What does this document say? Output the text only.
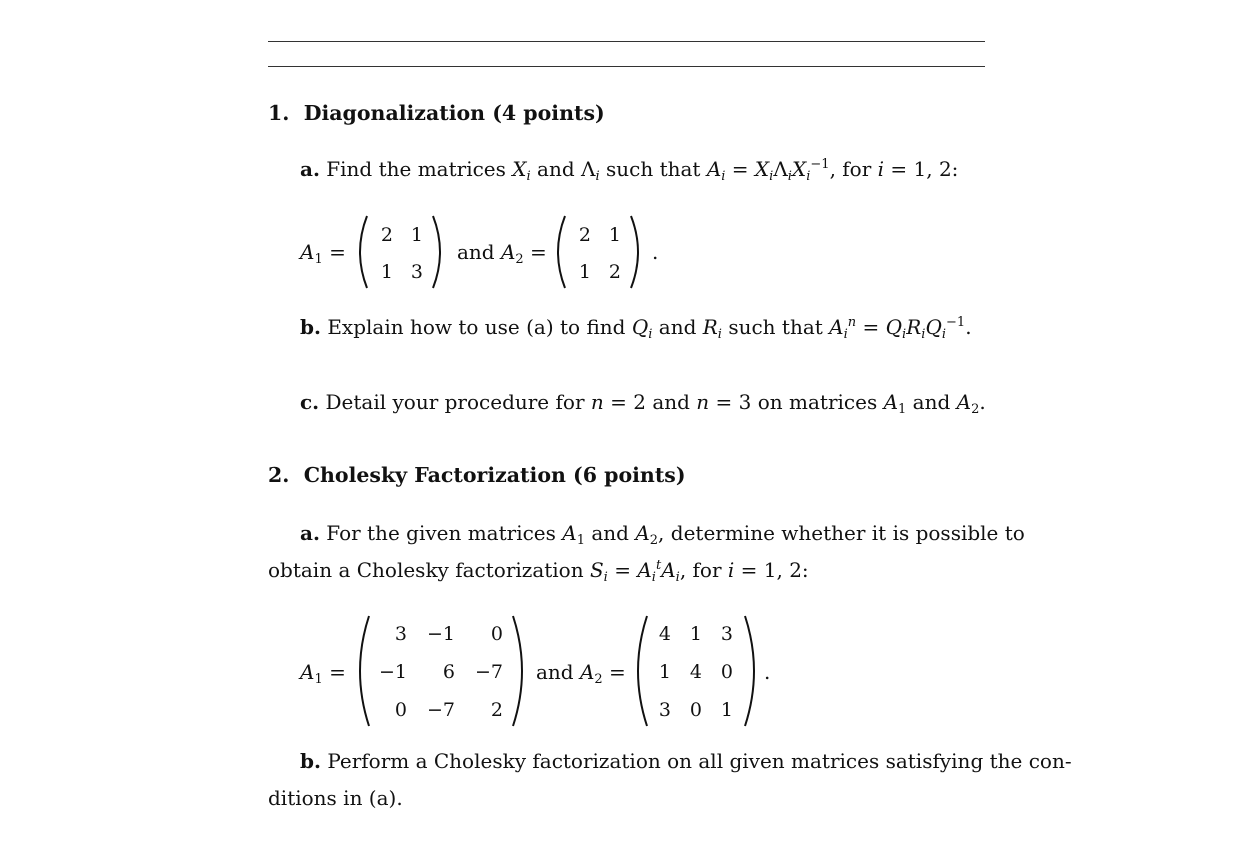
1. Diagonalization (4 points)
a. Find the matrices $X_i$ and $\Lambda_i$ such that $A_i = X_i\Lambda_iX_i^{-1}$, for i = 1, 2:
$A_1$ =
2 1
1 3
and $A_2$ =
2 1
1 2
.
b. Explain how to use (a) to find $Q_i$ and $R_i$ such that $A_i^n = Q_iR_iQ_i^{-1}$.
c. Detail your procedure for n = 2 and n = 3 on matrices $A_1$ and $A_2$.
2. Cholesky Factorization (6 points)
a. For the given matrices $A_1$ and $A_2$, determine whether it is possible to
obtain a Cholesky factorization $S_i = A_i^tA_i$, for i = 1, 2:
$A_1$ =
3 −1	0
−1	6 −7
0 −7	2
and $A_2$ =
4 1 3
1 4 0
3 0 1
.
b. Perform a Cholesky factorization on all given matrices satisfying the con-
ditions in (a).
